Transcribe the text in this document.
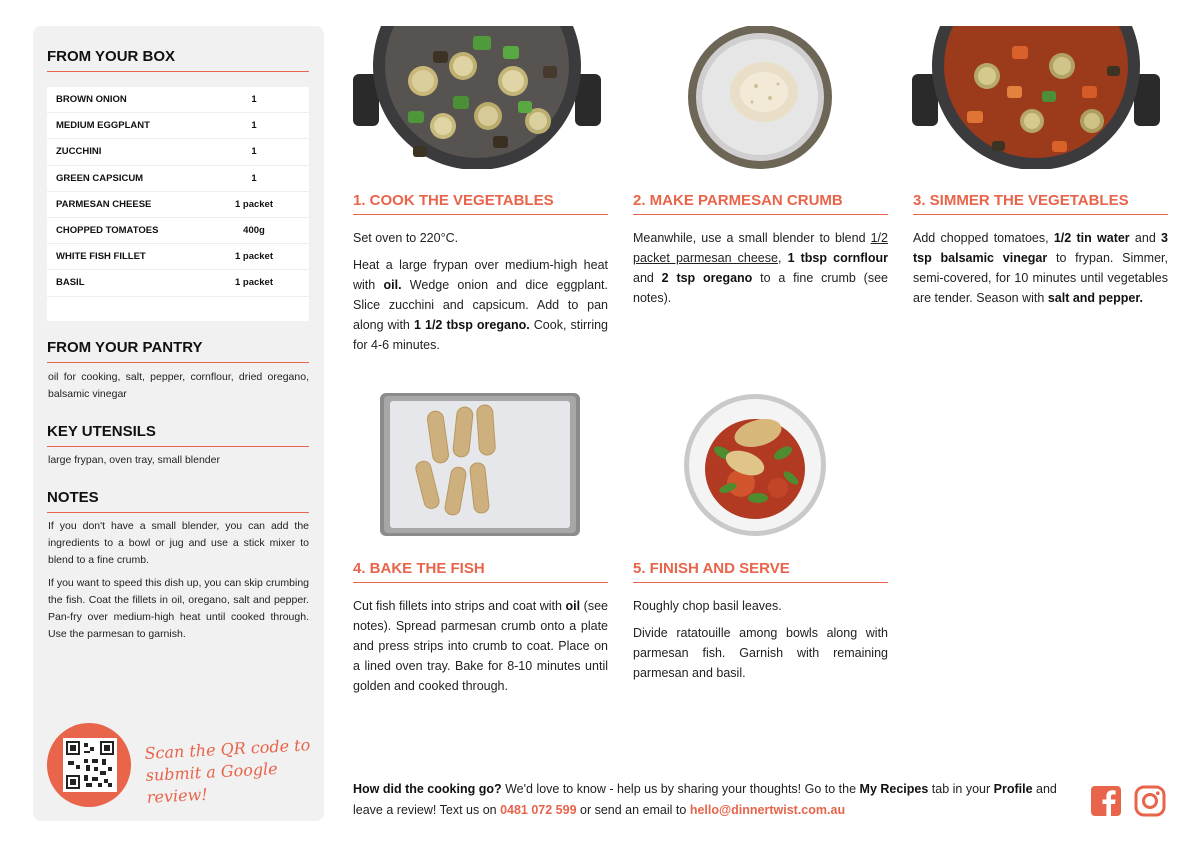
FROM YOUR BOX
BROWN ONION	1
MEDIUM EGGPLANT	1
ZUCCHINI	1
GREEN CAPSICUM	1
PARMESAN CHEESE	1 packet
CHOPPED TOMATOES	400g
WHITE FISH FILLET	1 packet
BASIL	1 packet
FROM YOUR PANTRY
oil for cooking, salt, pepper, cornflour, dried oregano, balsamic vinegar
KEY UTENSILS
large frypan, oven tray, small blender
NOTES

If you don't have a small blender, you can add the ingredients to a bowl or jug and use a stick mixer to blend to a fine crumb.

If you want to speed this dish up, you can skip crumbing the fish. Coat the fillets in oil, oregano, salt and pepper. Pan-fry over medium-high heat until cooked through. Use the parmesan to garnish.

Scan the QR code to submit a Google review!
1. COOK THE VEGETABLES

Set oven to 220°C.

Heat a large frypan over medium-high heat with oil. Wedge onion and dice eggplant. Slice zucchini and capsicum. Add to pan along with 1 1/2 tbsp oregano. Cook, stirring for 4-6 minutes.

2. MAKE PARMESAN CRUMB

Meanwhile, use a small blender to blend 1/2 packet parmesan cheese, 1 tbsp cornflour and 2 tsp oregano to a fine crumb (see notes).

3. SIMMER THE VEGETABLES

Add chopped tomatoes, 1/2 tin water and 3 tsp balsamic vinegar to frypan. Simmer, semi-covered, for 10 minutes until vegetables are tender. Season with salt and pepper.

4. BAKE THE FISH

Cut fish fillets into strips and coat with oil (see notes). Spread parmesan crumb onto a plate and press strips into crumb to coat. Place on a lined oven tray. Bake for 8-10 minutes until golden and cooked through.

5. FINISH AND SERVE

Roughly chop basil leaves.

Divide ratatouille among bowls along with parmesan fish. Garnish with remaining parmesan and basil.

How did the cooking go? We'd love to know - help us by sharing your thoughts! Go to the My Recipes tab in your Profile and leave a review! Text us on 0481 072 599 or send an email to hello@dinnertwist.com.au
